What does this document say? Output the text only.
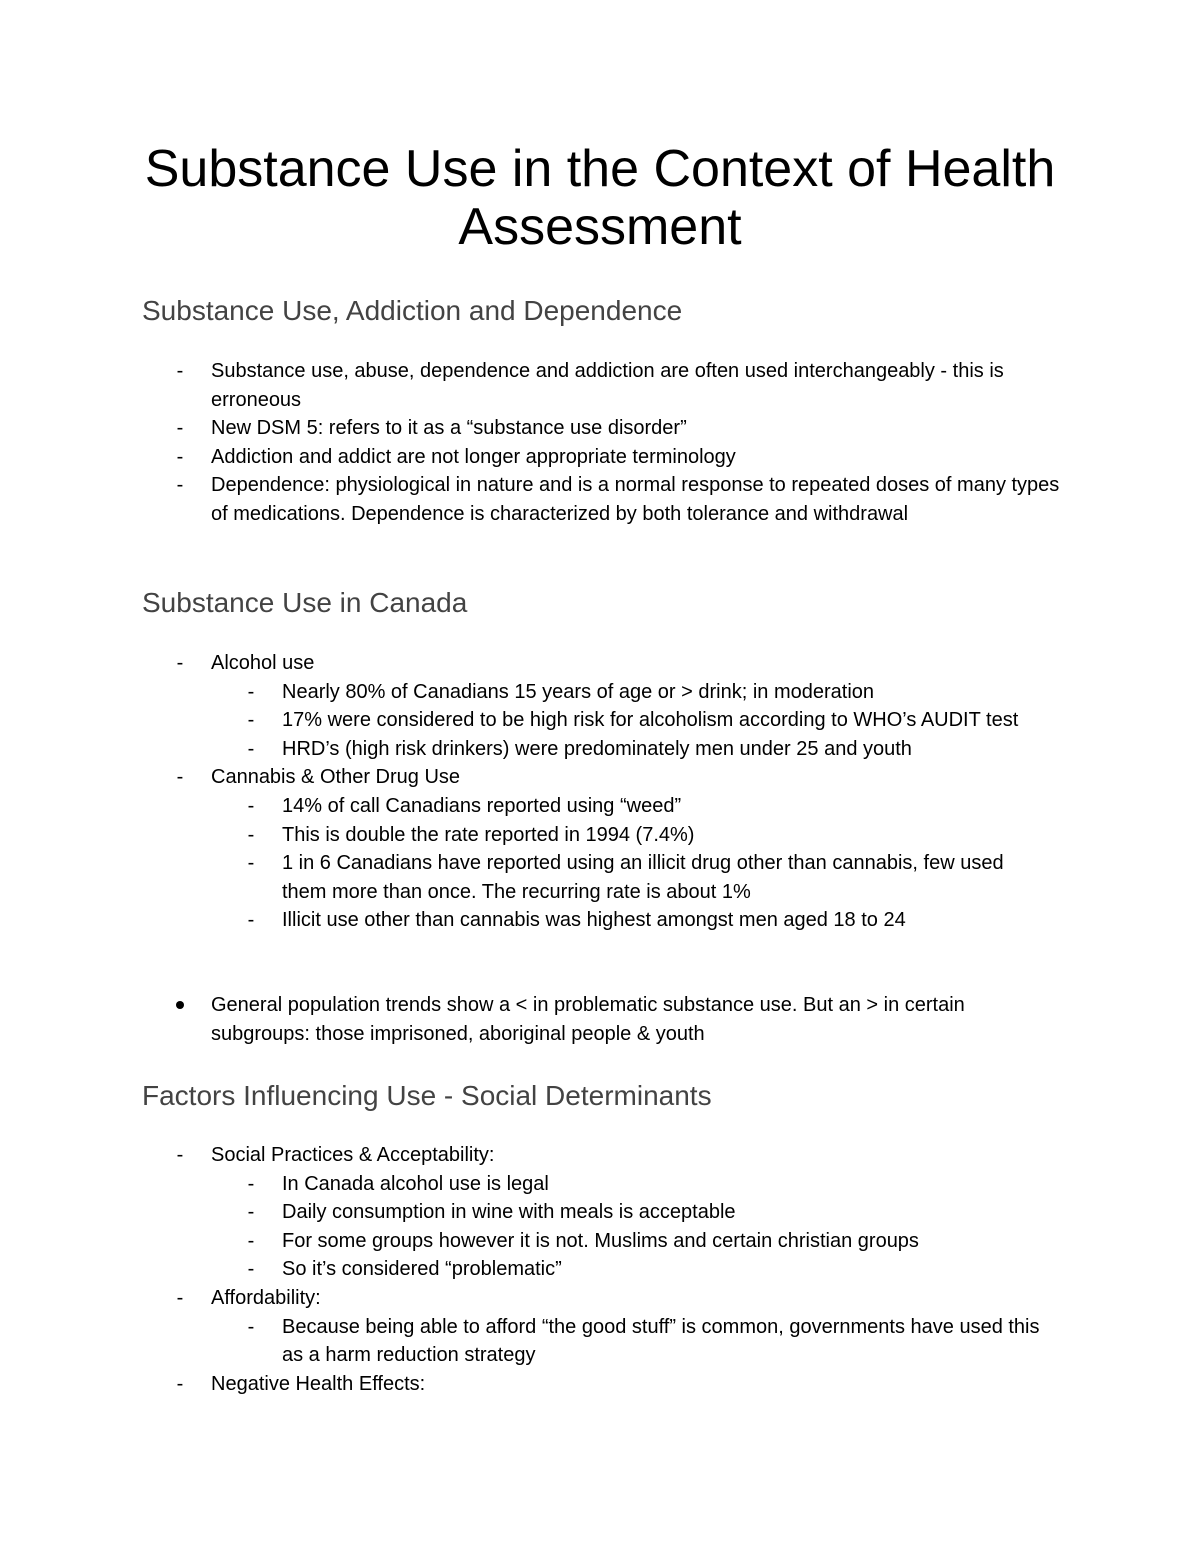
Substance Use in the Context of Health Assessment
Substance Use, Addiction and Dependence
-	Substance use, abuse, dependence and addiction are often used interchangeably - this is erroneous
-	New DSM 5: refers to it as a “substance use disorder”
-	Addiction and addict are not longer appropriate terminology
-	Dependence: physiological in nature and is a normal response to repeated doses of many types of medications. Dependence is characterized by both tolerance and withdrawal
Substance Use in Canada
-	Alcohol use
-	Nearly 80% of Canadians 15 years of age or > drink; in moderation
-	17% were considered to be high risk for alcoholism according to WHO’s AUDIT test
-	HRD’s (high risk drinkers) were predominately men under 25 and youth
-	Cannabis & Other Drug Use
-	14% of call Canadians reported using “weed”
-	This is double the rate reported in 1994 (7.4%)
-	1 in 6 Canadians have reported using an illicit drug other than cannabis, few used them more than once. The recurring rate is about 1%
-	Illicit use other than cannabis was highest amongst men aged 18 to 24
General population trends show a < in problematic substance use. But an > in certain subgroups: those imprisoned, aboriginal people & youth
Factors Influencing Use - Social Determinants
-	Social Practices & Acceptability:
-	In Canada alcohol use is legal
-	Daily consumption in wine with meals is acceptable
-	For some groups however it is not. Muslims and certain christian groups
-	So it’s considered “problematic”
-	Affordability:
-	Because being able to afford “the good stuff” is common, governments have used this as a harm reduction strategy
-	Negative Health Effects:
